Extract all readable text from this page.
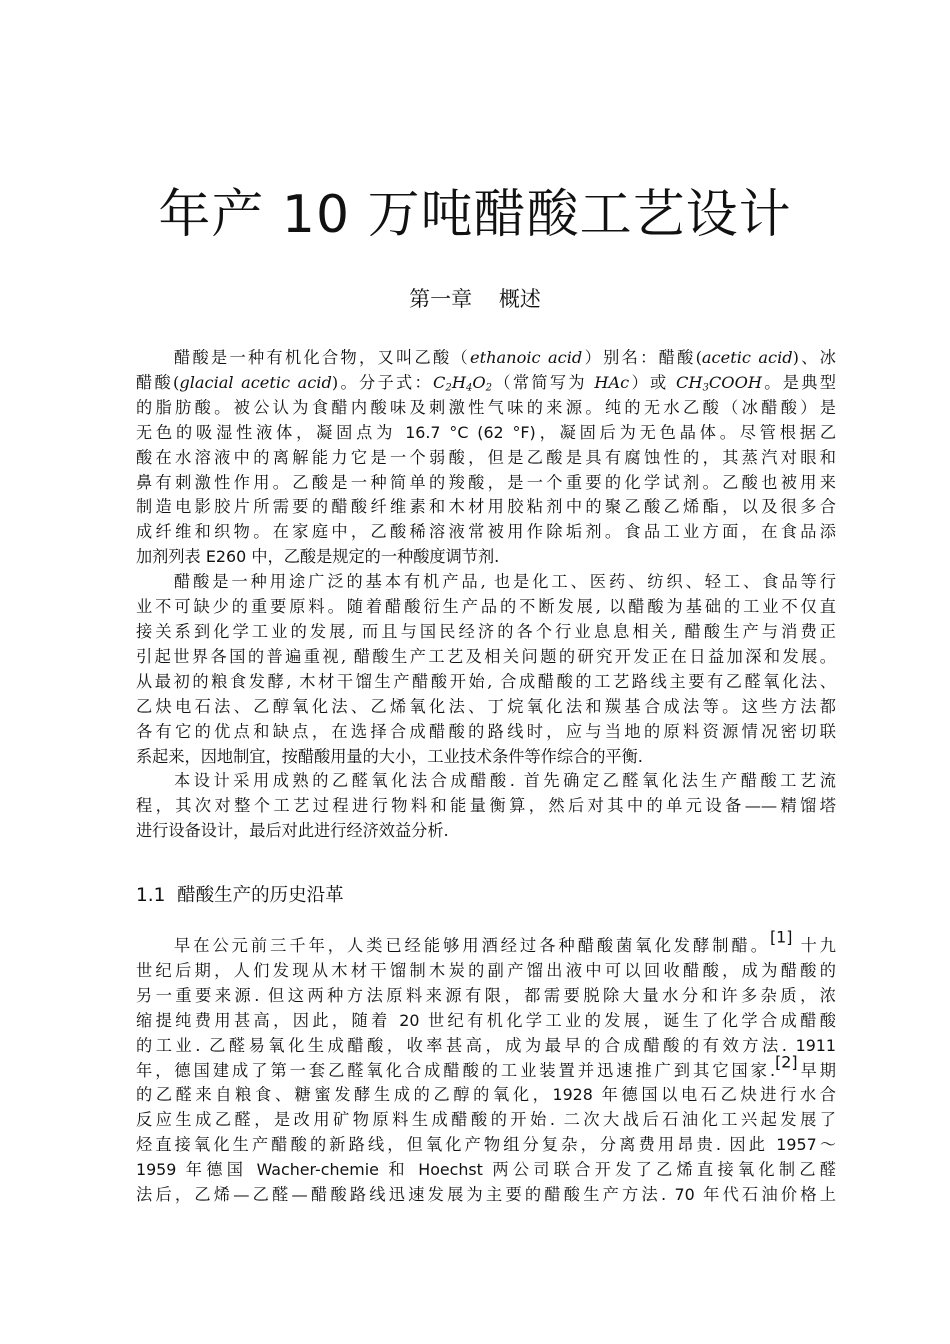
年产 10 万吨醋酸工艺设计
第一章    概述
醋酸是一种有机化合物，又叫乙酸（ethanoic acid）别名：醋酸(acetic acid)、冰
醋酸(glacial acetic acid)。分子式：$C_2H_4O_2$（常简写为 HAc）或 $CH_3COOH$。是典型
的脂肪酸。被公认为食醋内酸味及刺激性气味的来源。纯的无水乙酸（冰醋酸）是
无色的吸湿性液体，凝固点为 16.7 °C (62 °F)，凝固后为无色晶体。尽管根据乙
酸在水溶液中的离解能力它是一个弱酸，但是乙酸是具有腐蚀性的，其蒸汽对眼和
鼻有刺激性作用。乙酸是一种简单的羧酸，是一个重要的化学试剂。乙酸也被用来
制造电影胶片所需要的醋酸纤维素和木材用胶粘剂中的聚乙酸乙烯酯，以及很多合
成纤维和织物。在家庭中，乙酸稀溶液常被用作除垢剂。食品工业方面，在食品添
加剂列表 E260 中，乙酸是规定的一种酸度调节剂.
醋酸是一种用途广泛的基本有机产品, 也是化工、医药、纺织、轻工、食品等行
业不可缺少的重要原料。随着醋酸衍生产品的不断发展, 以醋酸为基础的工业不仅直
接关系到化学工业的发展, 而且与国民经济的各个行业息息相关, 醋酸生产与消费正
引起世界各国的普遍重视, 醋酸生产工艺及相关问题的研究开发正在日益加深和发展。
从最初的粮食发酵, 木材干馏生产醋酸开始, 合成醋酸的工艺路线主要有乙醛氧化法、
乙炔电石法、乙醇氧化法、乙烯氧化法、丁烷氧化法和羰基合成法等。这些方法都
各有它的优点和缺点，在选择合成醋酸的路线时，应与当地的原料资源情况密切联
系起来，因地制宜，按醋酸用量的大小，工业技术条件等作综合的平衡.
本设计采用成熟的乙醛氧化法合成醋酸. 首先确定乙醛氧化法生产醋酸工艺流
程，其次对整个工艺过程进行物料和能量衡算，然后对其中的单元设备——精馏塔
进行设备设计，最后对此进行经济效益分析.
1.1  醋酸生产的历史沿革
早在公元前三千年，人类已经能够用酒经过各种醋酸菌氧化发酵制醋。[1] 十九
世纪后期，人们发现从木材干馏制木炭的副产馏出液中可以回收醋酸，成为醋酸的
另一重要来源. 但这两种方法原料来源有限，都需要脱除大量水分和许多杂质，浓
缩提纯费用甚高，因此，随着 20 世纪有机化学工业的发展，诞生了化学合成醋酸
的工业. 乙醛易氧化生成醋酸，收率甚高，成为最早的合成醋酸的有效方法. 1911
年，德国建成了第一套乙醛氧化合成醋酸的工业装置并迅速推广到其它国家.[2]早期
的乙醛来自粮食、糖蜜发酵生成的乙醇的氧化，1928 年德国以电石乙炔进行水合
反应生成乙醛，是改用矿物原料生成醋酸的开始. 二次大战后石油化工兴起发展了
烃直接氧化生产醋酸的新路线，但氧化产物组分复杂，分离费用昂贵. 因此 1957～
1959 年德国 Wacher-chemie 和 Hoechst 两公司联合开发了乙烯直接氧化制乙醛
法后，乙烯—乙醛—醋酸路线迅速发展为主要的醋酸生产方法. 70 年代石油价格上
